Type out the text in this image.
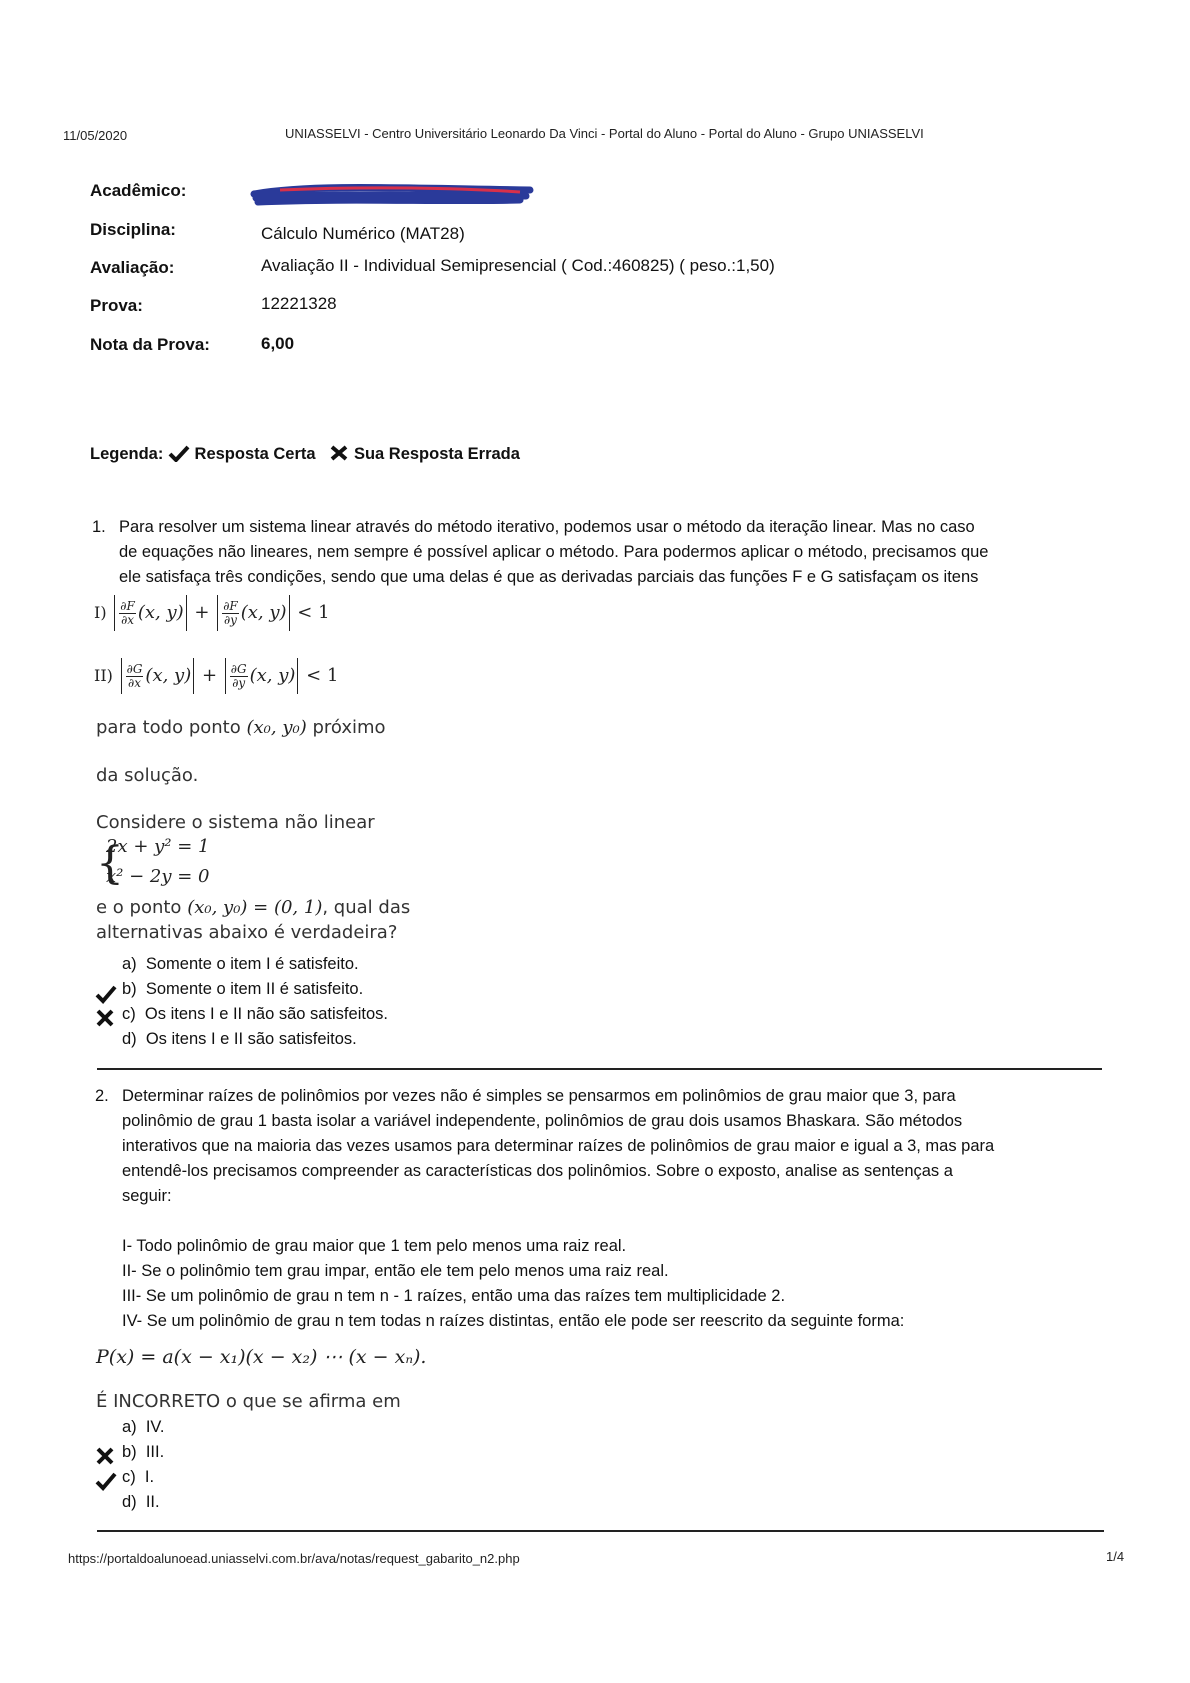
11/05/2020	UNIASSELVI - Centro Universitário Leonardo Da Vinci - Portal do Aluno - Portal do Aluno - Grupo UNIASSELVI
Acadêmico:
Disciplina:	Cálculo Numérico (MAT28)
Avaliação:	Avaliação II - Individual Semipresencial ( Cod.:460825) ( peso.:1,50)
Prova:	12221328
Nota da Prova:	6,00
Legenda: Resposta Certa Sua Resposta Errada
1. Para resolver um sistema linear através do método iterativo, podemos usar o método da iteração linear. Mas no caso
de equações não lineares, nem sempre é possível aplicar o método. Para podermos aplicar o método, precisamos que
ele satisfaça três condições, sendo que uma delas é que as derivadas parciais das funções F e G satisfaçam os itens
$I) \frac{\partial F}{\partial x} (x$, $y) + \frac{\partial F}{\partial y} (x$, y) < 1
$II) \frac{\partial G}{\partial x} (x$, $y) + \frac{\partial G}{\partial y} (x$, y) < 1
para todo ponto (x₀, y₀) próximo
da solução.
Considere o sistema não linear
{
2x + y² = 1
x² − 2y = 0
e o ponto (x₀, y₀) = (0, 1), qual das
alternativas abaixo é verdadeira?
a) Somente o item I é satisfeito.
b) Somente o item II é satisfeito.
c) Os itens I e II não são satisfeitos.
d) Os itens I e II são satisfeitos.
2. Determinar raízes de polinômios por vezes não é simples se pensarmos em polinômios de grau maior que 3, para
polinômio de grau 1 basta isolar a variável independente, polinômios de grau dois usamos Bhaskara. São métodos
interativos que na maioria das vezes usamos para determinar raízes de polinômios de grau maior e igual a 3, mas para
entendê-los precisamos compreender as características dos polinômios. Sobre o exposto, analise as sentenças a
seguir:
I- Todo polinômio de grau maior que 1 tem pelo menos uma raiz real.
II- Se o polinômio tem grau impar, então ele tem pelo menos uma raiz real.
III- Se um polinômio de grau n tem n - 1 raízes, então uma das raízes tem multiplicidade 2.
IV- Se um polinômio de grau n tem todas n raízes distintas, então ele pode ser reescrito da seguinte forma:
P(x) = a(x − x₁)(x − x₂) ⋯ (x − xₙ).
É INCORRETO o que se afirma em
a) IV.
b) III.
c) I.
d) II.
https://portaldoalunoead.uniasselvi.com.br/ava/notas/request_gabarito_n2.php	1/4
